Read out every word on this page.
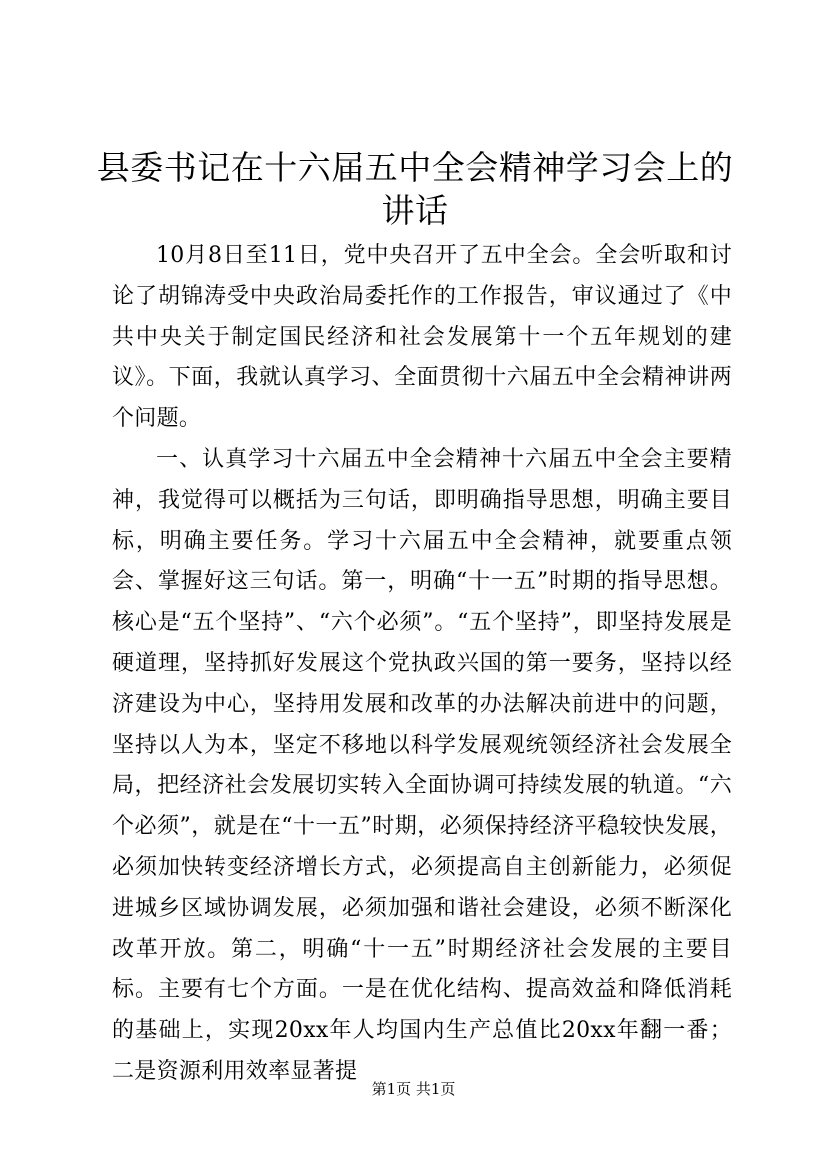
县委书记在十六届五中全会精神学习会上的讲话

10月8日至11日，党中央召开了五中全会。全会听取和讨论了胡锦涛受中央政治局委托作的工作报告，审议通过了《中共中央关于制定国民经济和社会发展第十一个五年规划的建议》。下面，我就认真学习、全面贯彻十六届五中全会精神讲两个问题。

一、认真学习十六届五中全会精神十六届五中全会主要精神，我觉得可以概括为三句话，即明确指导思想，明确主要目标，明确主要任务。学习十六届五中全会精神，就要重点领会、掌握好这三句话。第一，明确“十一五”时期的指导思想。核心是“五个坚持”、“六个必须”。“五个坚持”，即坚持发展是硬道理，坚持抓好发展这个党执政兴国的第一要务，坚持以经济建设为中心，坚持用发展和改革的办法解决前进中的问题，坚持以人为本，坚定不移地以科学发展观统领经济社会发展全局，把经济社会发展切实转入全面协调可持续发展的轨道。“六个必须”，就是在“十一五”时期，必须保持经济平稳较快发展，必须加快转变经济增长方式，必须提高自主创新能力，必须促进城乡区域协调发展，必须加强和谐社会建设，必须不断深化改革开放。第二，明确“十一五”时期经济社会发展的主要目标。主要有七个方面。一是在优化结构、提高效益和降低消耗的基础上，实现20xx年人均国内生产总值比20xx年翻一番；二是资源利用效率显著提

第1页 共1页
